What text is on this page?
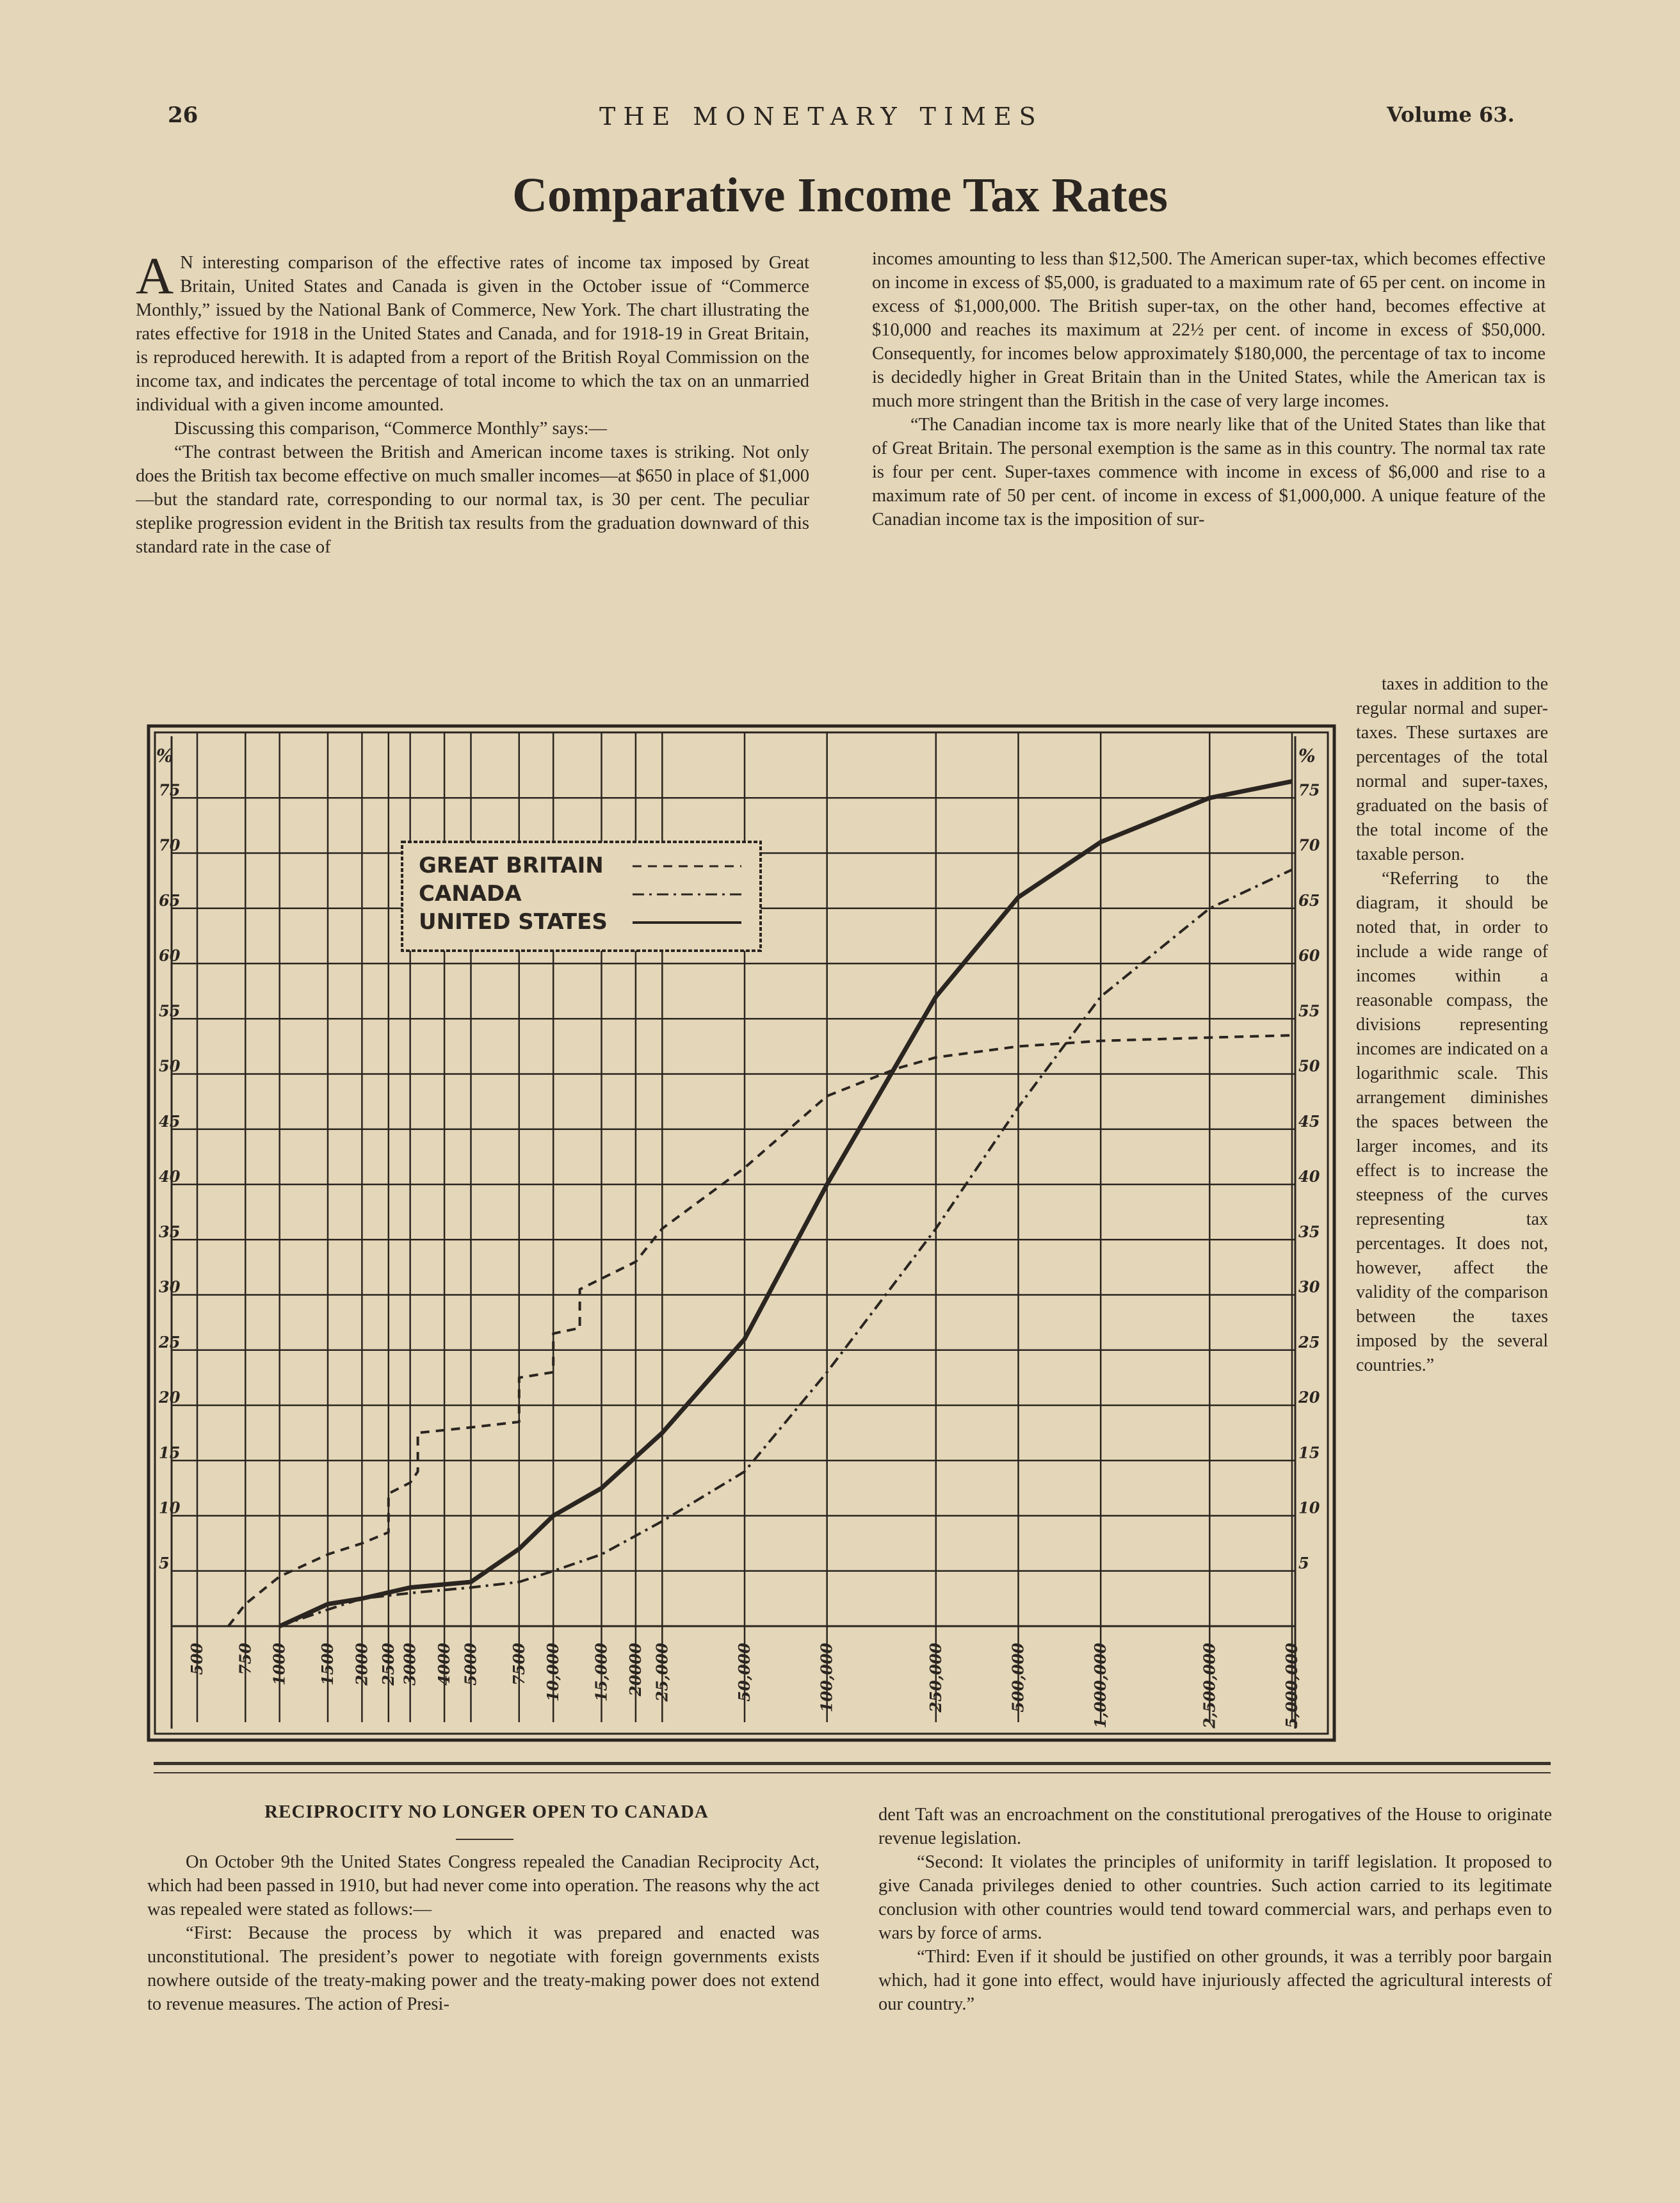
26	THE MONETARY TIMES	Volume 63.
Comparative Income Tax Rates

A N interesting comparison of the effective rates of income tax imposed by Great Britain, United States and Canada is given in the October issue of “Commerce Monthly,” issued by the National Bank of Commerce, New York. The chart illustrating the rates effective for 1918 in the United States and Canada, and for 1918-19 in Great Britain, is reproduced herewith. It is adapted from a report of the British Royal Commission on the income tax, and indicates the percentage of total income to which the tax on an unmarried individual with a given income amounted.

Discussing this comparison, “Commerce Monthly” says:—

“The contrast between the British and American income taxes is striking. Not only does the British tax become effective on much smaller incomes—at $650 in place of $1,000—but the standard rate, corresponding to our normal tax, is 30 per cent. The peculiar steplike progression evident in the British tax results from the graduation downward of this standard rate in the case of

incomes amounting to less than $12,500. The American super-tax, which becomes effective on income in excess of $5,000, is graduated to a maximum rate of 65 per cent. on income in excess of $1,000,000. The British super-tax, on the other hand, becomes effective at $10,000 and reaches its maximum at 22½ per cent. of income in excess of $50,000. Consequently, for incomes below approximately $180,000, the percentage of tax to income is decidedly higher in Great Britain than in the United States, while the American tax is much more stringent than the British in the case of very large incomes.

“The Canadian income tax is more nearly like that of the United States than like that of Great Britain. The personal exemption is the same as in this country. The normal tax rate is four per cent. Super-taxes commence with income in excess of $6,000 and rise to a maximum rate of 50 per cent. of income in excess of $1,000,000. A unique feature of the Canadian income tax is the imposition of sur-

taxes in addition to the regular normal and super-taxes. These surtaxes are percentages of the total normal and super-taxes, graduated on the basis of the total income of the taxable person.

“Referring to the diagram, it should be noted that, in order to include a wide range of incomes within a reasonable compass, the divisions representing incomes are indicated on a logarithmic scale. This arrangement diminishes the spaces between the larger incomes, and its effect is to increase the steepness of the curves representing tax percentages. It does not, however, affect the validity of the comparison between the taxes imposed by the several countries.”

500 750 1000 1500 2000 2500 3000 4000 5000 7500 10,000 15,000 20000 25,000	50,000	100,000	250,000	500,000	1,000,000	2,500,000	5,000,000
5	5
10	10
15	15
20	20
25	25
30	30
35	35
40	40
45	45
50	50
55	55
60	60
65	65
70	70
75	75
%	%
GREAT BRITAIN
CANADA
UNITED STATES
RECIPROCITY NO LONGER OPEN TO CANADA

On October 9th the United States Congress repealed the Canadian Reciprocity Act, which had been passed in 1910, but had never come into operation. The reasons why the act was repealed were stated as follows:—

“First: Because the process by which it was prepared and enacted was unconstitutional. The president’s power to negotiate with foreign governments exists nowhere outside of the treaty-making power and the treaty-making power does not extend to revenue measures. The action of Presi-

dent Taft was an encroachment on the constitutional prerogatives of the House to originate revenue legislation.

“Second: It violates the principles of uniformity in tariff legislation. It proposed to give Canada privileges denied to other countries. Such action carried to its legitimate conclusion with other countries would tend toward commercial wars, and perhaps even to wars by force of arms.

“Third: Even if it should be justified on other grounds, it was a terribly poor bargain which, had it gone into effect, would have injuriously affected the agricultural interests of our country.”
